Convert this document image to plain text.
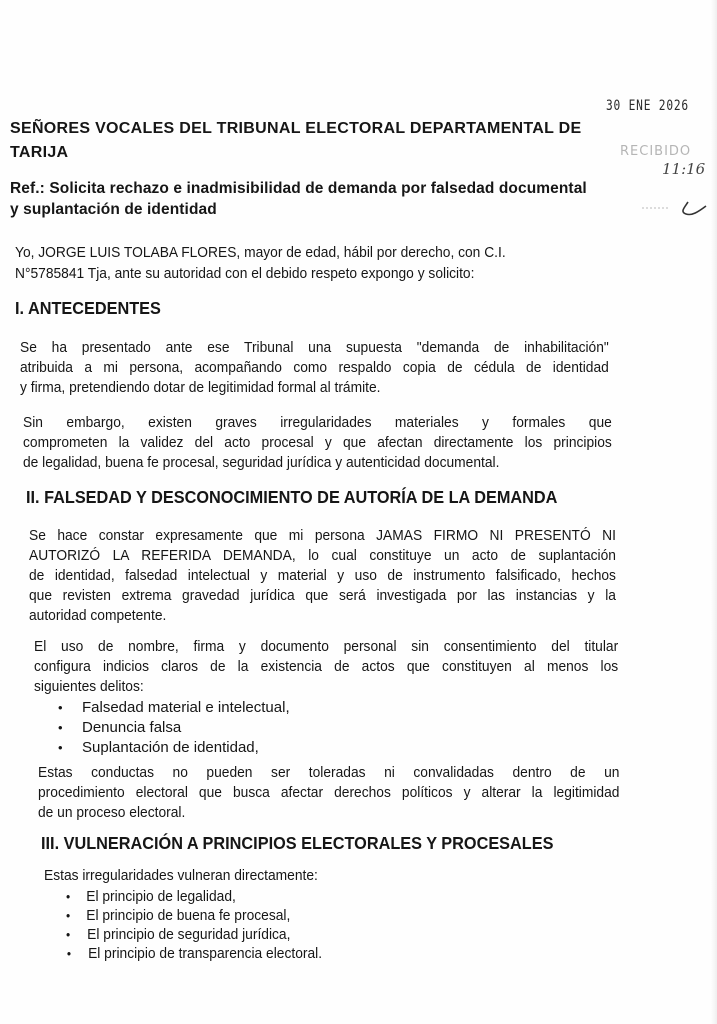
30 ENE 2026
RECIBIDO
11:16
SEÑORES VOCALES DEL TRIBUNAL ELECTORAL DEPARTAMENTAL DE
TARIJA
Ref.: Solicita rechazo e inadmisibilidad de demanda por falsedad documental
y suplantación de identidad
Yo, JORGE LUIS TOLABA FLORES, mayor de edad, hábil por derecho, con C.I.
N°5785841 Tja, ante su autoridad con el debido respeto expongo y solicito:
I. ANTECEDENTES
Se ha presentado ante ese Tribunal una supuesta "demanda de inhabilitación"
atribuida a mi persona, acompañando como respaldo copia de cédula de identidad
y firma, pretendiendo dotar de legitimidad formal al trámite.
Sin embargo, existen graves irregularidades materiales y formales que
comprometen la validez del acto procesal y que afectan directamente los principios
de legalidad, buena fe procesal, seguridad jurídica y autenticidad documental.
II. FALSEDAD Y DESCONOCIMIENTO DE AUTORÍA DE LA DEMANDA
Se hace constar expresamente que mi persona JAMAS FIRMO NI PRESENTÓ NI
AUTORIZÓ LA REFERIDA DEMANDA, lo cual constituye un acto de suplantación
de identidad, falsedad intelectual y material y uso de instrumento falsificado, hechos
que revisten extrema gravedad jurídica que será investigada por las instancias y la
autoridad competente.
El uso de nombre, firma y documento personal sin consentimiento del titular
configura indicios claros de la existencia de actos que constituyen al menos los
siguientes delitos:
• Falsedad material e intelectual,
• Denuncia falsa
• Suplantación de identidad,
Estas conductas no pueden ser toleradas ni convalidadas dentro de un
procedimiento electoral que busca afectar derechos políticos y alterar la legitimidad
de un proceso electoral.
III. VULNERACIÓN A PRINCIPIOS ELECTORALES Y PROCESALES
Estas irregularidades vulneran directamente:
• El principio de legalidad,
• El principio de buena fe procesal,
• El principio de seguridad jurídica,
• El principio de transparencia electoral.
